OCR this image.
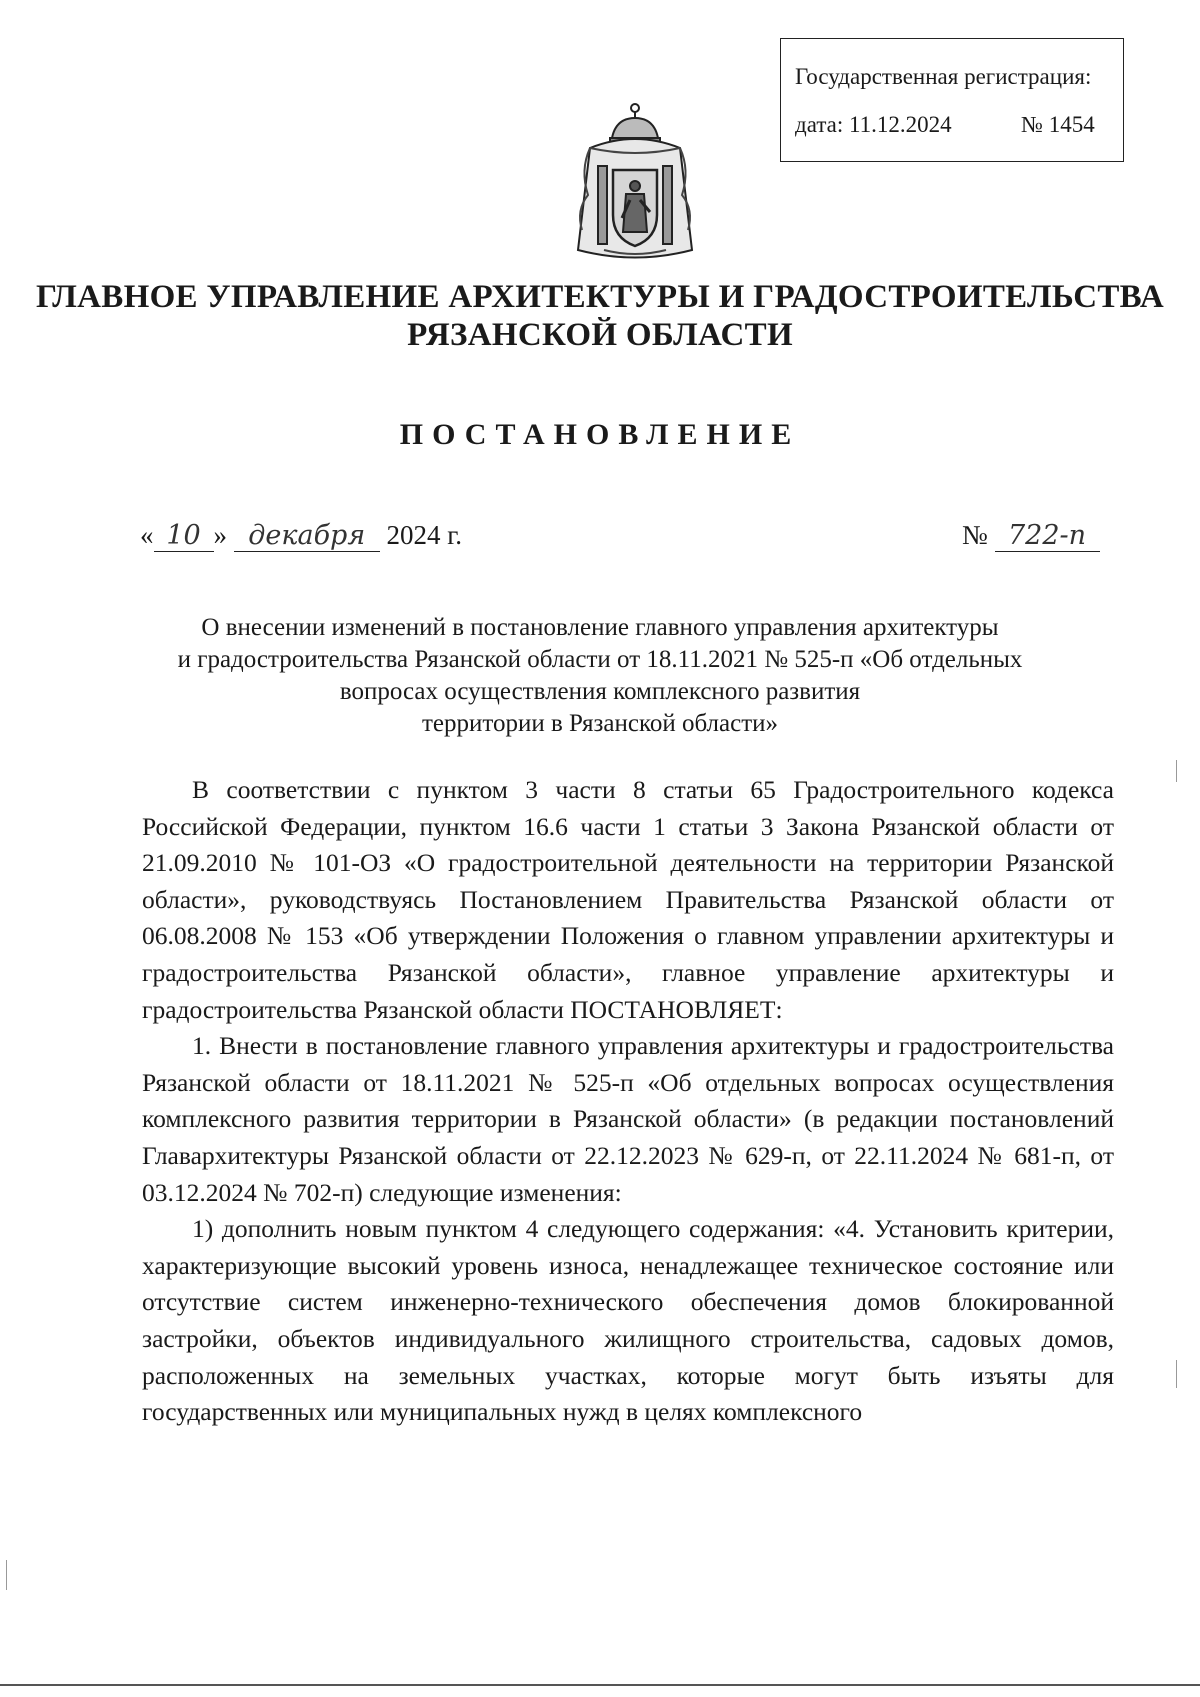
Государственная регистрация:
дата: 11.12.2024	№ 1454
ГЛАВНОЕ УПРАВЛЕНИЕ АРХИТЕКТУРЫ И ГРАДОСТРОИТЕЛЬСТВА
РЯЗАНСКОЙ ОБЛАСТИ
ПОСТАНОВЛЕНИЕ
« 10 » декабря 2024 г.	№ 722-п
О внесении изменений в постановление главного управления архитектуры
и градостроительства Рязанской области от 18.11.2021 № 525-п «Об отдельных
вопросах осуществления комплексного развития
территории в Рязанской области»

В соответствии с пунктом 3 части 8 статьи 65 Градостроительного кодекса Российской Федерации, пунктом 16.6 части 1 статьи 3 Закона Рязанской области от 21.09.2010 № 101-ОЗ «О градостроительной деятельности на территории Рязанской области», руководствуясь Постановлением Правительства Рязанской области от 06.08.2008 № 153 «Об утверждении Положения о главном управлении архитектуры и градостроительства Рязанской области», главное управление архитектуры и градостроительства Рязанской области ПОСТАНОВЛЯЕТ:

1. Внести в постановление главного управления архитектуры и градостроительства Рязанской области от 18.11.2021 № 525-п «Об отдельных вопросах осуществления комплексного развития территории в Рязанской области» (в редакции постановлений Главархитектуры Рязанской области от 22.12.2023 № 629-п, от 22.11.2024 № 681-п, от 03.12.2024 № 702-п) следующие изменения:

1) дополнить новым пунктом 4 следующего содержания: «4. Установить критерии, характеризующие высокий уровень износа, ненадлежащее техническое состояние или отсутствие систем инженерно-технического обеспечения домов блокированной застройки, объектов индивидуального жилищного строительства, садовых домов, расположенных на земельных участках, которые могут быть изъяты для государственных или муниципальных нужд в целях комплексного
